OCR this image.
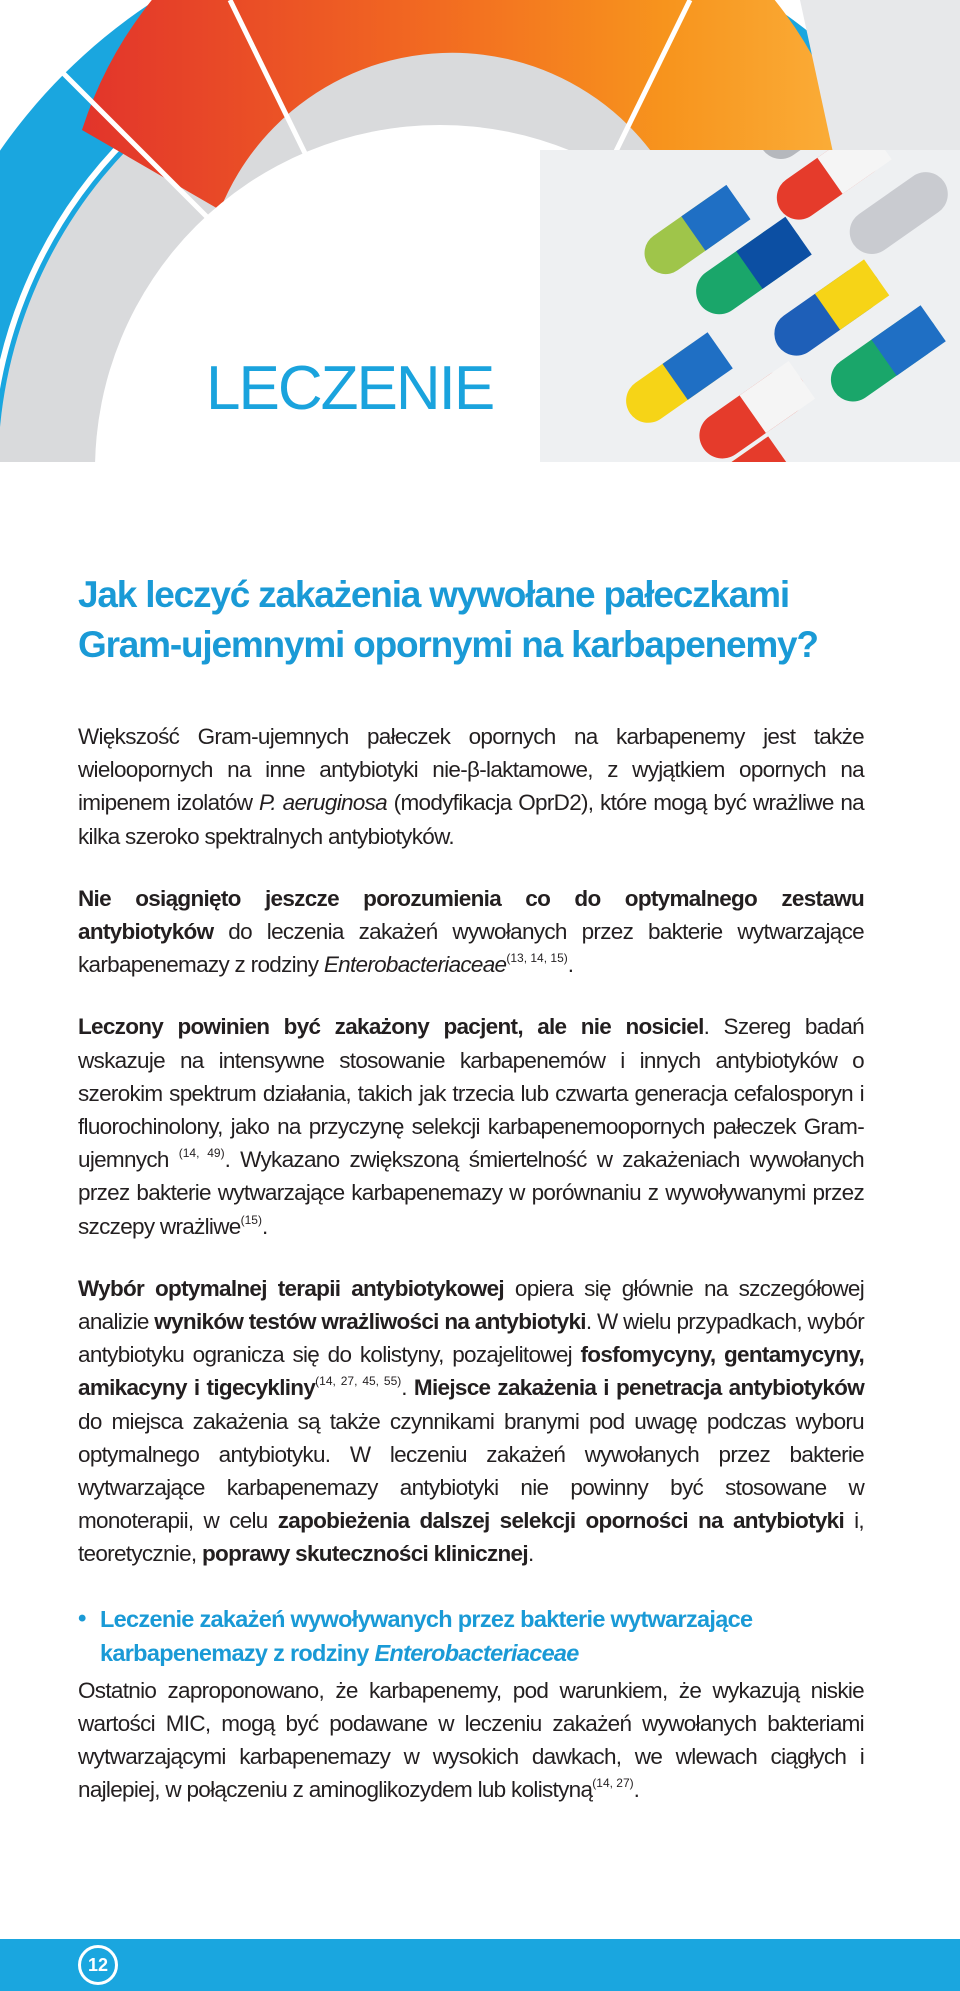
LECZENIE
Jak leczyć zakażenia wywołane pałeczkami Gram-ujemnymi opornymi na karbapenemy?

Większość Gram-ujemnych pałeczek opornych na karbapenemy jest także wieloopornych na inne antybiotyki nie-β-laktamowe, z wyjątkiem opornych na imipenem izolatów P. aeruginosa (modyfikacja OprD2), które mogą być wrażliwe na kilka szeroko spektralnych antybiotyków.

Nie osiągnięto jeszcze porozumienia co do optymalnego zestawu antybiotyków do leczenia zakażeń wywołanych przez bakterie wytwarzające karbapenemazy z rodziny Enterobacteriaceae$^{(13, 14, 15)}$.

Leczony powinien być zakażony pacjent, ale nie nosiciel. Szereg badań wskazuje na intensywne stosowanie karbapenemów i innych antybiotyków o szerokim spektrum działania, takich jak trzecia lub czwarta generacja cefalosporyn i fluorochinolony, jako na przyczynę selekcji karbapenemoopornych pałeczek Gram-ujemnych $^{(14, 49)}$. Wykazano zwiększoną śmiertelność w zakażeniach wywołanych przez bakterie wytwarzające karbapenemazy w porównaniu z wywoływanymi przez szczepy wrażliwe$^{(15)}$.

Wybór optymalnej terapii antybiotykowej opiera się głównie na szczegółowej analizie wyników testów wrażliwości na antybiotyki. W wielu przypadkach, wybór antybiotyku ogranicza się do kolistyny, pozajelitowej fosfomycyny, gentamycyny, amikacyny i tigecykliny$^{(14, 27, 45, 55)}$. Miejsce zakażenia i penetracja antybiotyków do miejsca zakażenia są także czynnikami branymi pod uwagę podczas wyboru optymalnego antybiotyku. W leczeniu zakażeń wywołanych przez bakterie wytwarzające karbapenemazy antybiotyki nie powinny być stosowane w monoterapii, w celu zapobieżenia dalszej selekcji oporności na antybiotyki i, teoretycznie, poprawy skuteczności klinicznej.

• Leczenie zakażeń wywoływanych przez bakterie wytwarzające karbapenemazy z rodziny Enterobacteriaceae

Ostatnio zaproponowano, że karbapenemy, pod warunkiem, że wykazują niskie wartości MIC, mogą być podawane w leczeniu zakażeń wywołanych bakteriami wytwarzającymi karbapenemazy w wysokich dawkach, we wlewach ciągłych i najlepiej, w połączeniu z aminoglikozydem lub kolistyną$^{(14, 27)}$.

12
